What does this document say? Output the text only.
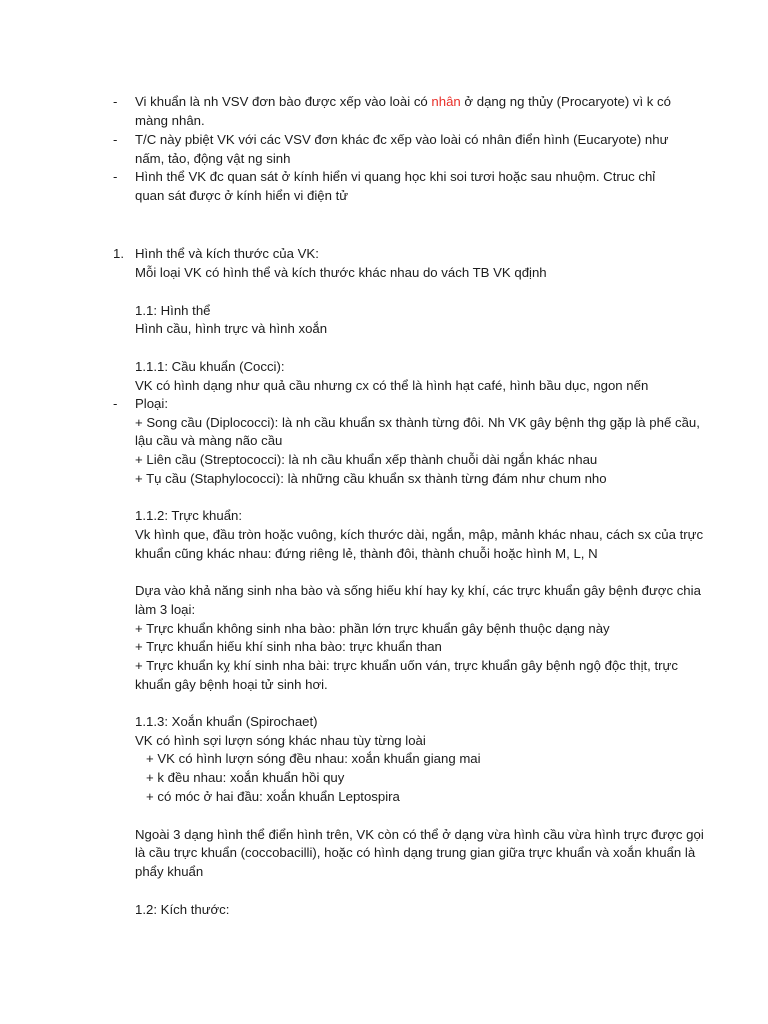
- Vi khuẩn là nh VSV đơn bào được xếp vào loài có nhân ở dạng ng thủy (Procaryote) vì k có màng nhân.
- T/C này pbiệt VK với các VSV đơn khác đc xếp vào loài có nhân điển hình (Eucaryote) như nấm, tảo, động vật ng sinh
- Hình thể VK đc quan sát ở kính hiển vi quang học khi soi tươi hoặc sau nhuộm. Ctruc chỉ quan sát được ở kính hiển vi điện tử
1. Hình thể và kích thước của VK:
Mỗi loại VK có hình thể và kích thước khác nhau do vách TB VK qđịnh
1.1: Hình thể
Hình cầu, hình trực và hình xoắn
1.1.1: Cầu khuẩn (Cocci):
VK có hình dạng như quả cầu nhưng cx có thể là hình hạt café, hình bầu dục, ngon nến
- Ploại:
+ Song cầu (Diplococci): là nh cầu khuẩn sx thành từng đôi. Nh VK gây bệnh thg gặp là phế cầu,
lậu cầu và màng não cầu
+ Liên cầu (Streptococci): là nh cầu khuẩn xếp thành chuỗi dài ngắn khác nhau
+ Tụ cầu (Staphylococci): là những cầu khuẩn sx thành từng đám như chum nho
1.1.2: Trực khuẩn:
Vk hình que, đầu tròn hoặc vuông, kích thước dài, ngắn, mập, mảnh khác nhau, cách sx của trực
khuẩn cũng khác nhau: đứng riêng lẻ, thành đôi, thành chuỗi hoặc hình M, L, N
Dựa vào khả năng sinh nha bào và sống hiếu khí hay kỵ khí, các trực khuẩn gây bệnh được chia
làm 3 loại:
+ Trực khuẩn không sinh nha bào: phần lớn trực khuẩn gây bệnh thuộc dạng này
+ Trực khuẩn hiếu khí sinh nha bào: trực khuẩn than
+ Trực khuẩn kỵ khí sinh nha bài: trực khuẩn uốn ván, trực khuẩn gây bệnh ngộ độc thịt, trực
khuẩn gây bệnh hoại tử sinh hơi.
1.1.3: Xoắn khuẩn (Spirochaet)
VK có hình sợi lượn sóng khác nhau tùy từng loài
+ VK có hình lượn sóng đều nhau: xoắn khuẩn giang mai
+ k đều nhau: xoắn khuẩn hồi quy
+ có móc ở hai đầu: xoắn khuẩn Leptospira
Ngoài 3 dạng hình thể điển hình trên, VK còn có thể ở dạng vừa hình cầu vừa hình trực được gọi
là cầu trực khuẩn (coccobacilli), hoặc có hình dạng trung gian giữa trực khuẩn và xoắn khuẩn là
phẩy khuẩn
1.2: Kích thước:
